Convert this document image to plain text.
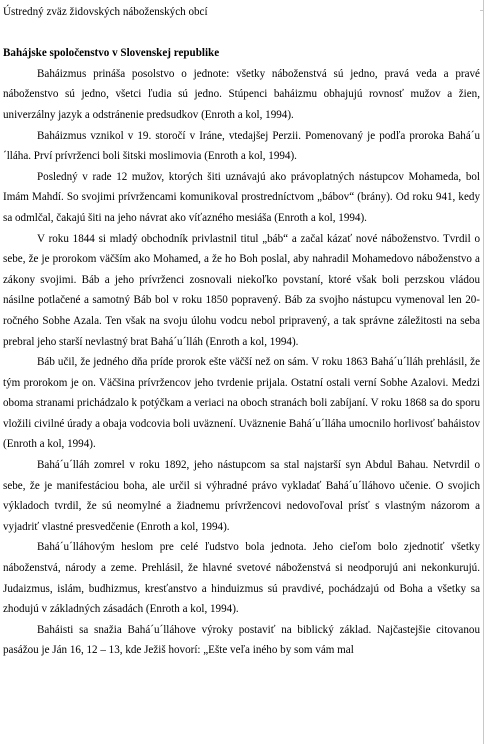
Ústredný zväz židovských náboženských obcí

Bahájske spoločenstvo v Slovenskej republike

Baháizmus prináša posolstvo o jednote: všetky náboženstvá sú jedno, pravá veda a pravé náboženstvo sú jedno, všetci ľudia sú jedno. Stúpenci baháizmu obhajujú rovnosť mužov a žien, univerzálny jazyk a odstránenie predsudkov (Enroth a kol, 1994).

Baháizmus vznikol v 19. storočí v Iráne, vtedajšej Perzii. Pomenovaný je podľa proroka Bahá´u´lláha. Prví prívrženci boli šitski moslimovia (Enroth a kol, 1994).

Posledný v rade 12 mužov, ktorých šiti uznávajú ako právoplatných nástupcov Mohameda, bol Imám Mahdí. So svojimi prívržencami komunikoval prostredníctvom „bábov“ (brány). Od roku 941, kedy sa odmlčal, čakajú šiti na jeho návrat ako víťazného mesiáša (Enroth a kol, 1994).

V roku 1844 si mladý obchodník privlastnil titul „báb“ a začal kázať nové náboženstvo. Tvrdil o sebe, že je prorokom väčším ako Mohamed, a že ho Boh poslal, aby nahradil Mohamedovo náboženstvo a zákony svojimi. Báb a jeho prívrženci zosnovali niekoľko povstaní, ktoré však boli perzskou vládou násilne potlačené a samotný Báb bol v roku 1850 popravený. Báb za svojho nástupcu vymenoval len 20-ročného Sobhe Azala. Ten však na svoju úlohu vodcu nebol pripravený, a tak správne záležitosti na seba prebral jeho starší nevlastný brat Bahá´u´lláh (Enroth a kol, 1994).

Báb učil, že jedného dňa príde prorok ešte väčší než on sám. V roku 1863 Bahá´u´lláh prehlásil, že tým prorokom je on. Väčšina prívržencov jeho tvrdenie prijala. Ostatní ostali verní Sobhe Azalovi. Medzi oboma stranami prichádzalo k potýčkam a veriaci na oboch stranách boli zabíjaní. V roku 1868 sa do sporu vložili civilné úrady a obaja vodcovia boli uväznení. Uväznenie Bahá´u´lláha umocnilo horlivosť baháistov (Enroth a kol, 1994).

Bahá´u´lláh zomrel v roku 1892, jeho nástupcom sa stal najstarší syn Abdul Bahau. Netvrdil o sebe, že je manifestáciou boha, ale určil si výhradné právo vykladať Bahá´u´lláhovo učenie. O svojich výkladoch tvrdil, že sú neomylné a žiadnemu prívržencovi nedovoľoval prísť s vlastným názorom a vyjadriť vlastné presvedčenie (Enroth a kol, 1994).

Bahá´u´lláhovým heslom pre celé ľudstvo bola jednota. Jeho cieľom bolo zjednotiť všetky náboženstvá, národy a zeme. Prehlásil, že hlavné svetové náboženstvá si neodporujú ani nekonkurujú. Judaizmus, islám, budhizmus, kresťanstvo a hinduizmus sú pravdivé, pochádzajú od Boha a všetky sa zhodujú v základných zásadách (Enroth a kol, 1994).

Baháisti sa snažia Bahá´u´lláhove výroky postaviť na biblický základ. Najčastejšie citovanou pasážou je Ján 16, 12 – 13, kde Ježiš hovorí: „Ešte veľa iného by som vám mal
